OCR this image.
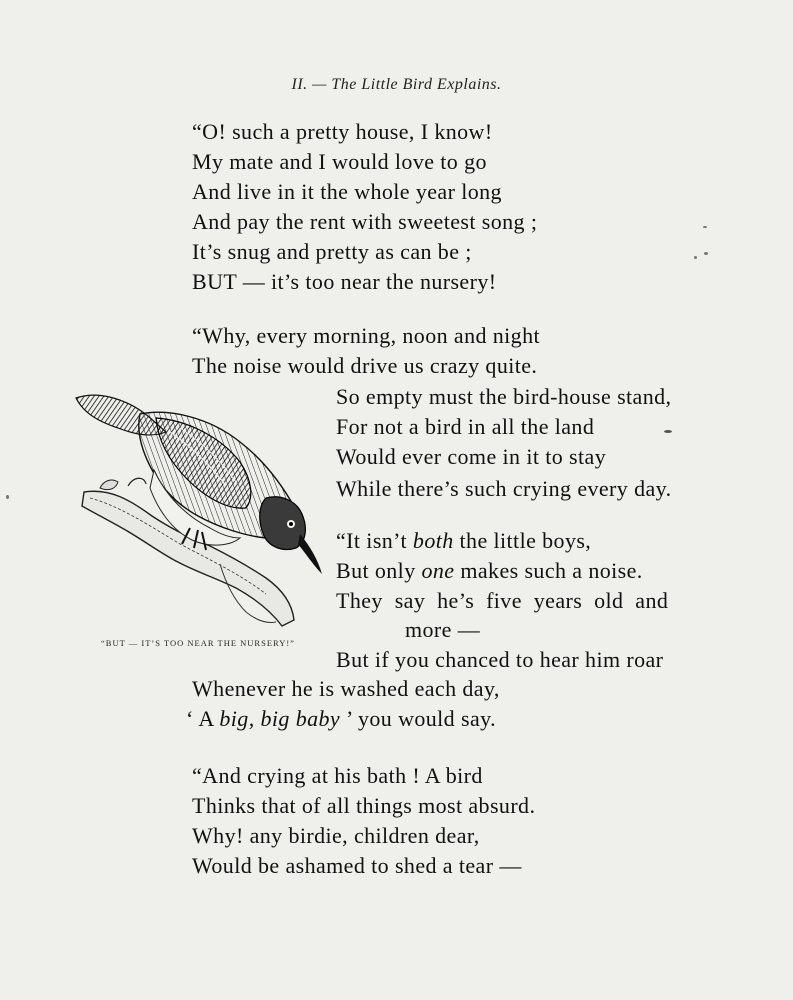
II. — The Little Bird Explains.
“O! such a pretty house, I know!
My mate and I would love to go
And live in it the whole year long
And pay the rent with sweetest song ;
It’s snug and pretty as can be ;
BUT — it’s too near the nursery!
“Why, every morning, noon and night
The noise would drive us crazy quite.
So empty must the bird-house stand,
For not a bird in all the land
Would ever come in it to stay
While there’s such crying every day.
“It isn’t both the little boys,
But only one makes such a noise.
They say he’s five years old and
more —
But if you chanced to hear him roar
Whenever he is washed each day,
‘ A big, big baby ’ you would say.
“And crying at his bath ! A bird
Thinks that of all things most absurd.
Why! any birdie, children dear,
Would be ashamed to shed a tear —
“BUT — IT’S TOO NEAR THE NURSERY!”
